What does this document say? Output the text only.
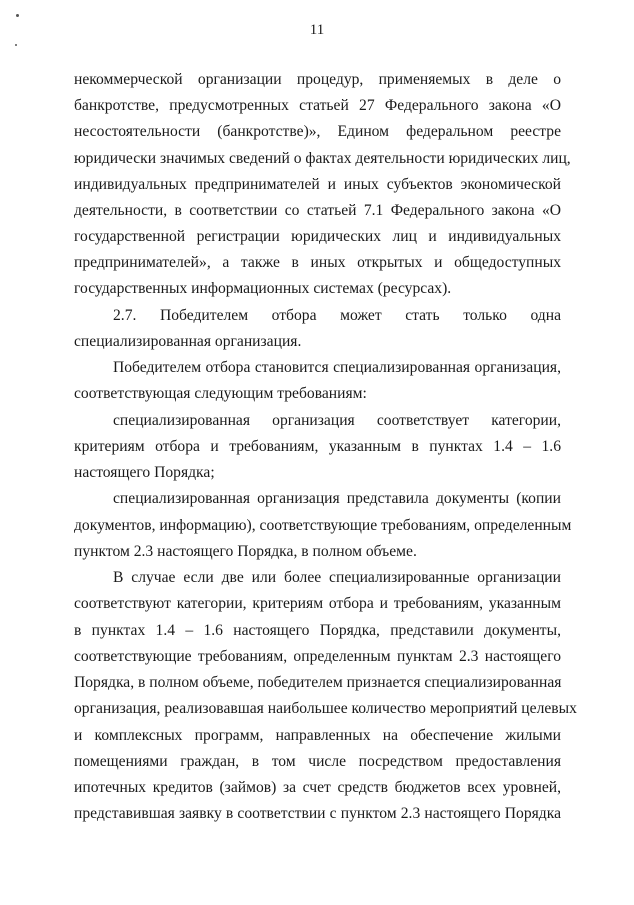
11
некоммерческой организации процедур, применяемых в деле о
банкротстве, предусмотренных статьей 27 Федерального закона «О
несостоятельности (банкротстве)», Едином федеральном реестре
юридически значимых сведений о фактах деятельности юридических лиц,
индивидуальных предпринимателей и иных субъектов экономической
деятельности, в соответствии со статьей 7.1 Федерального закона «О
государственной регистрации юридических лиц и индивидуальных
предпринимателей», а также в иных открытых и общедоступных
государственных информационных системах (ресурсах).
2.7. Победителем отбора может стать только одна
специализированная организация.
Победителем отбора становится специализированная организация,
соответствующая следующим требованиям:
специализированная организация соответствует категории,
критериям отбора и требованиям, указанным в пунктах 1.4 – 1.6
настоящего Порядка;
специализированная организация представила документы (копии
документов, информацию), соответствующие требованиям, определенным
пунктом 2.3 настоящего Порядка, в полном объеме.
В случае если две или более специализированные организации
соответствуют категории, критериям отбора и требованиям, указанным
в пунктах 1.4 – 1.6 настоящего Порядка, представили документы,
соответствующие требованиям, определенным пунктам 2.3 настоящего
Порядка, в полном объеме, победителем признается специализированная
организация, реализовавшая наибольшее количество мероприятий целевых
и комплексных программ, направленных на обеспечение жилыми
помещениями граждан, в том числе посредством предоставления
ипотечных кредитов (займов) за счет средств бюджетов всех уровней,
представившая заявку в соответствии с пунктом 2.3 настоящего Порядка
